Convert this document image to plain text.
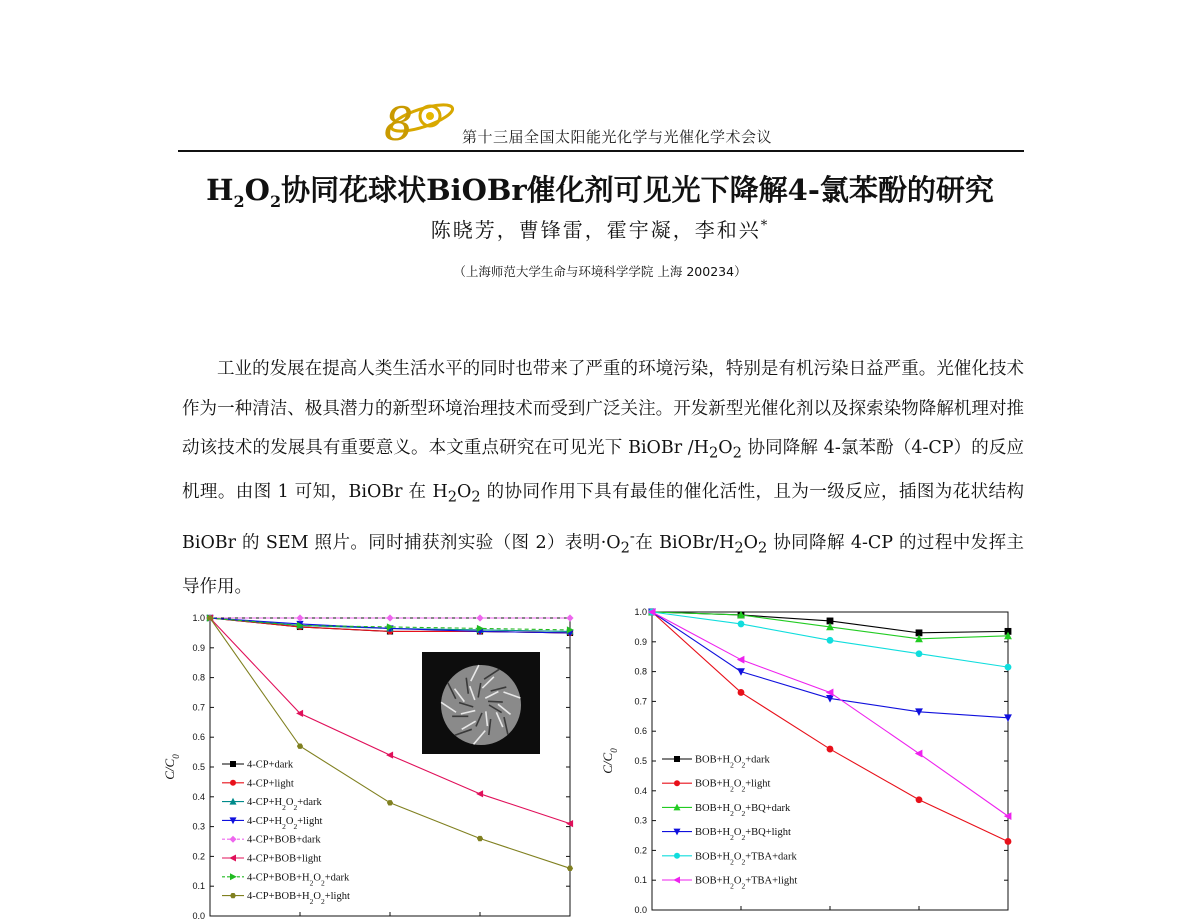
8	第十三届全国太阳能光化学与光催化学术会议
$H_2O_2$协同花球状BiOBr催化剂可见光下降解4-氯苯酚的研究
陈晓芳，曹锋雷，霍宇凝，李和兴*
（上海师范大学生命与环境科学学院 上海 200234）
工业的发展在提高人类生活水平的同时也带来了严重的环境污染，特别是有机污染日益严重。光催化技术作为一种清洁、极具潜力的新型环境治理技术而受到广泛关注。开发新型光催化剂以及探索染物降解机理对推动该技术的发展具有重要意义。本文重点研究在可见光下 BiOBr $/H_2O_2$ 协同降解 4-氯苯酚（4-CP）的反应机理。由图 1 可知，BiOBr 在 $H_2O_2$ 的协同作用下具有最佳的催化活性，且为一级反应，插图为花状结构 BiOBr 的 SEM 照片。同时捕获剂实验（图 2）表明$\cdot O_2^-$在 BiOBr/$H_2O_2$ 协同降解 4-CP 的过程中发挥主导作用。
0.0
0.1
0.2
0.3
0.4
0.5
0.6
0.7
0.8
0.9
1.0
$C/C_0$
4-CP+dark
4-CP+light
$4-CP+H_2O_2+dark$
$4-CP+H_2O_2+light$
4-CP+BOB+dark
4-CP+BOB+light
$4-CP+BOB+H_2O_2+dark$
$4-CP+BOB+H_2O_2+light$
0.0
0.1
0.2
0.3
0.4
0.5
0.6
0.7
0.8
0.9
1.0
$C/C_0$
$BOB+H_2O_2+dark$
$BOB+H_2O_2+light$
$BOB+H_2O_2+BQ+dark$
$BOB+H_2O_2+BQ+light$
$BOB+H_2O_2+TBA+dark$
$BOB+H_2O_2+TBA+light$
